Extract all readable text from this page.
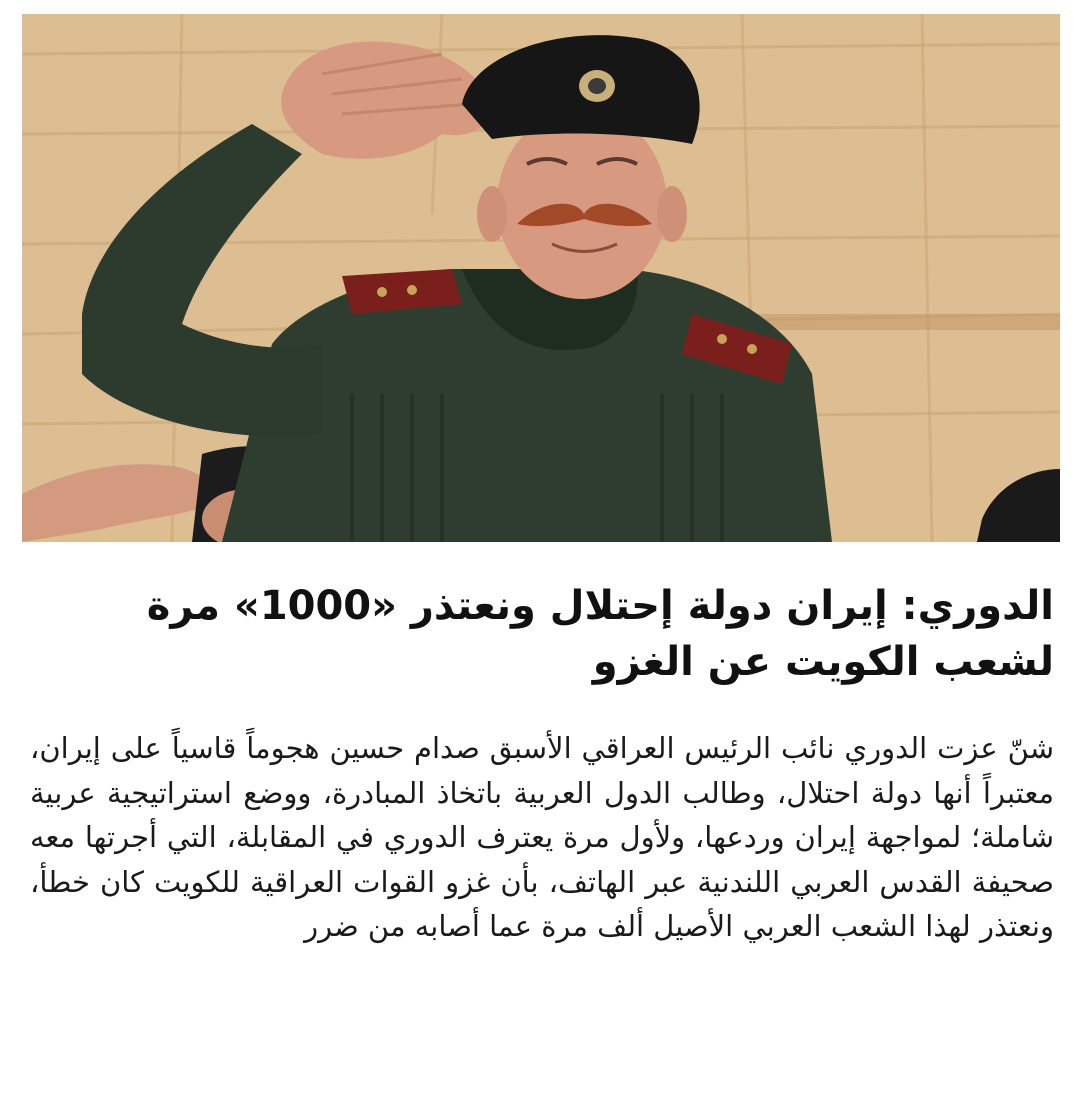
الدوري: إيران دولة إحتلال ونعتذر «1000» مرة لشعب الكويت عن الغزو

شنّ عزت الدوري نائب الرئيس العراقي الأسبق صدام حسين هجوماً قاسياً على إيران، معتبراً أنها دولة احتلال، وطالب الدول العربية باتخاذ المبادرة، ووضع استراتيجية عربية شاملة؛ لمواجهة إيران وردعها، ولأول مرة يعترف الدوري في المقابلة، التي أجرتها معه صحيفة القدس العربي اللندنية عبر الهاتف، بأن غزو القوات العراقية للكويت كان خطأ، ونعتذر لهذا الشعب العربي الأصيل ألف مرة عما أصابه من ضرر
